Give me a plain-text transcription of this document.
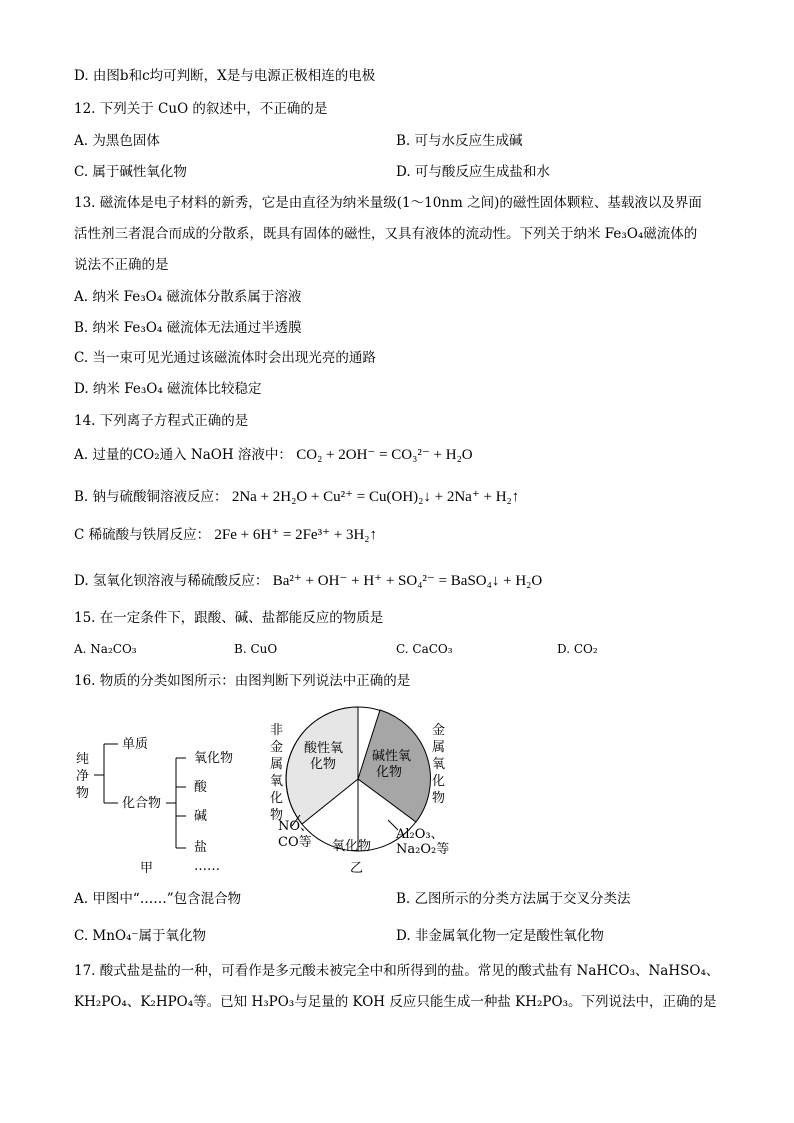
D. 由图b和c均可判断，X是与电源正极相连的电极
12. 下列关于 CuO 的叙述中，不正确的是
A. 为黑色固体	B. 可与水反应生成碱
C. 属于碱性氧化物	D. 可与酸反应生成盐和水
13. 磁流体是电子材料的新秀，它是由直径为纳米量级(1～10nm 之间)的磁性固体颗粒、基载液以及界面
活性剂三者混合而成的分散系，既具有固体的磁性，又具有液体的流动性。下列关于纳米 Fe₃O₄磁流体的
说法不正确的是
A. 纳米 Fe₃O₄ 磁流体分散系属于溶液
B. 纳米 Fe₃O₄ 磁流体无法通过半透膜
C. 当一束可见光通过该磁流体时会出现光亮的通路
D. 纳米 Fe₃O₄ 磁流体比较稳定
14. 下列离子方程式正确的是
A. 过量的CO₂通入 NaOH 溶液中： CO₂ + 2OH⁻ = CO₃²⁻ + H₂O
B. 钠与硫酸铜溶液反应： 2Na + 2H₂O + Cu²⁺ = Cu(OH)₂↓ + 2Na⁺ + H₂↑
C 稀硫酸与铁屑反应： 2Fe + 6H⁺ = 2Fe³⁺ + 3H₂↑
D. 氢氧化钡溶液与稀硫酸反应： Ba²⁺ + OH⁻ + H⁺ + SO₄²⁻ = BaSO₄↓ + H₂O
15. 在一定条件下，跟酸、碱、盐都能反应的物质是
A. Na₂CO₃	B. CuO	C. CaCO₃	D. CO₂
16. 物质的分类如图所示：由图判断下列说法中正确的是
纯
净
物
单质
化合物
氧化物
酸
碱
盐
……
甲
非
金
属
氧
化
物
酸性氧
化物
碱性氧
化物
金
属
氧
化
物
NO、
CO等 氧化物
Al₂O₃、
Na₂O₂等
乙
A. 甲图中“……”包含混合物	B. 乙图所示的分类方法属于交叉分类法
C. MnO₄⁻属于氧化物	D. 非金属氧化物一定是酸性氧化物
17. 酸式盐是盐的一种，可看作是多元酸未被完全中和所得到的盐。常见的酸式盐有 NaHCO₃、NaHSO₄、
KH₂PO₄、K₂HPO₄等。已知 H₃PO₃与足量的 KOH 反应只能生成一种盐 KH₂PO₃。下列说法中，正确的是
